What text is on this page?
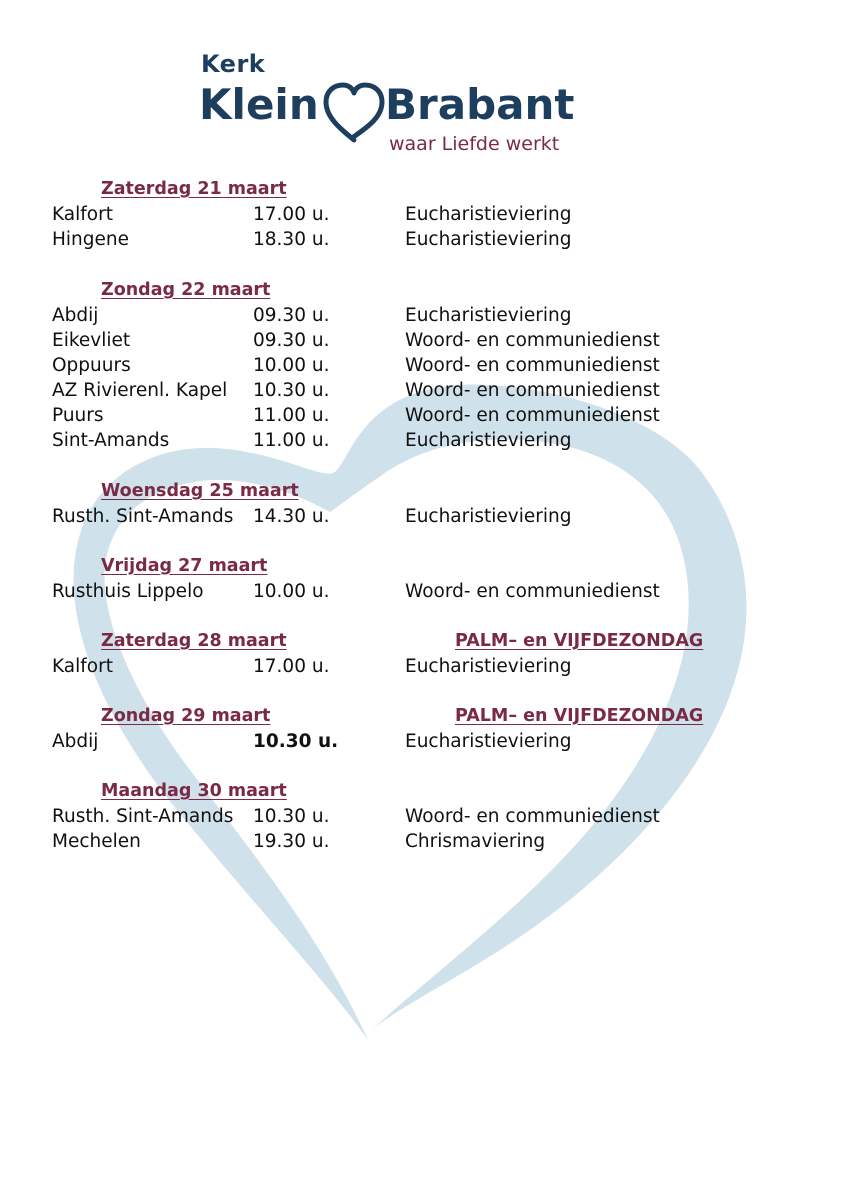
Kerk
Klein Brabant
waar Liefde werkt
Zaterdag 21 maart
Kalfort	17.00 u.	Eucharistieviering
Hingene	18.30 u.	Eucharistieviering
Zondag 22 maart
Abdij	09.30 u.	Eucharistieviering
Eikevliet	09.30 u.	Woord- en communiedienst
Oppuurs	10.00 u.	Woord- en communiedienst
AZ Rivierenl. Kapel 10.30 u.	Woord- en communiedienst
Puurs	11.00 u.	Woord- en communiedienst
Sint-Amands	11.00 u.	Eucharistieviering
Woensdag 25 maart
Rusth. Sint-Amands 14.30 u.	Eucharistieviering
Vrijdag 27 maart
Rusthuis Lippelo	10.00 u.	Woord- en communiedienst
Zaterdag 28 maart	PALM– en VIJFDEZONDAG
Kalfort	17.00 u.	Eucharistieviering
Zondag 29 maart	PALM– en VIJFDEZONDAG
Abdij	10.30 u.	Eucharistieviering
Maandag 30 maart
Rusth. Sint-Amands 10.30 u.	Woord- en communiedienst
Mechelen	19.30 u.	Chrismaviering
